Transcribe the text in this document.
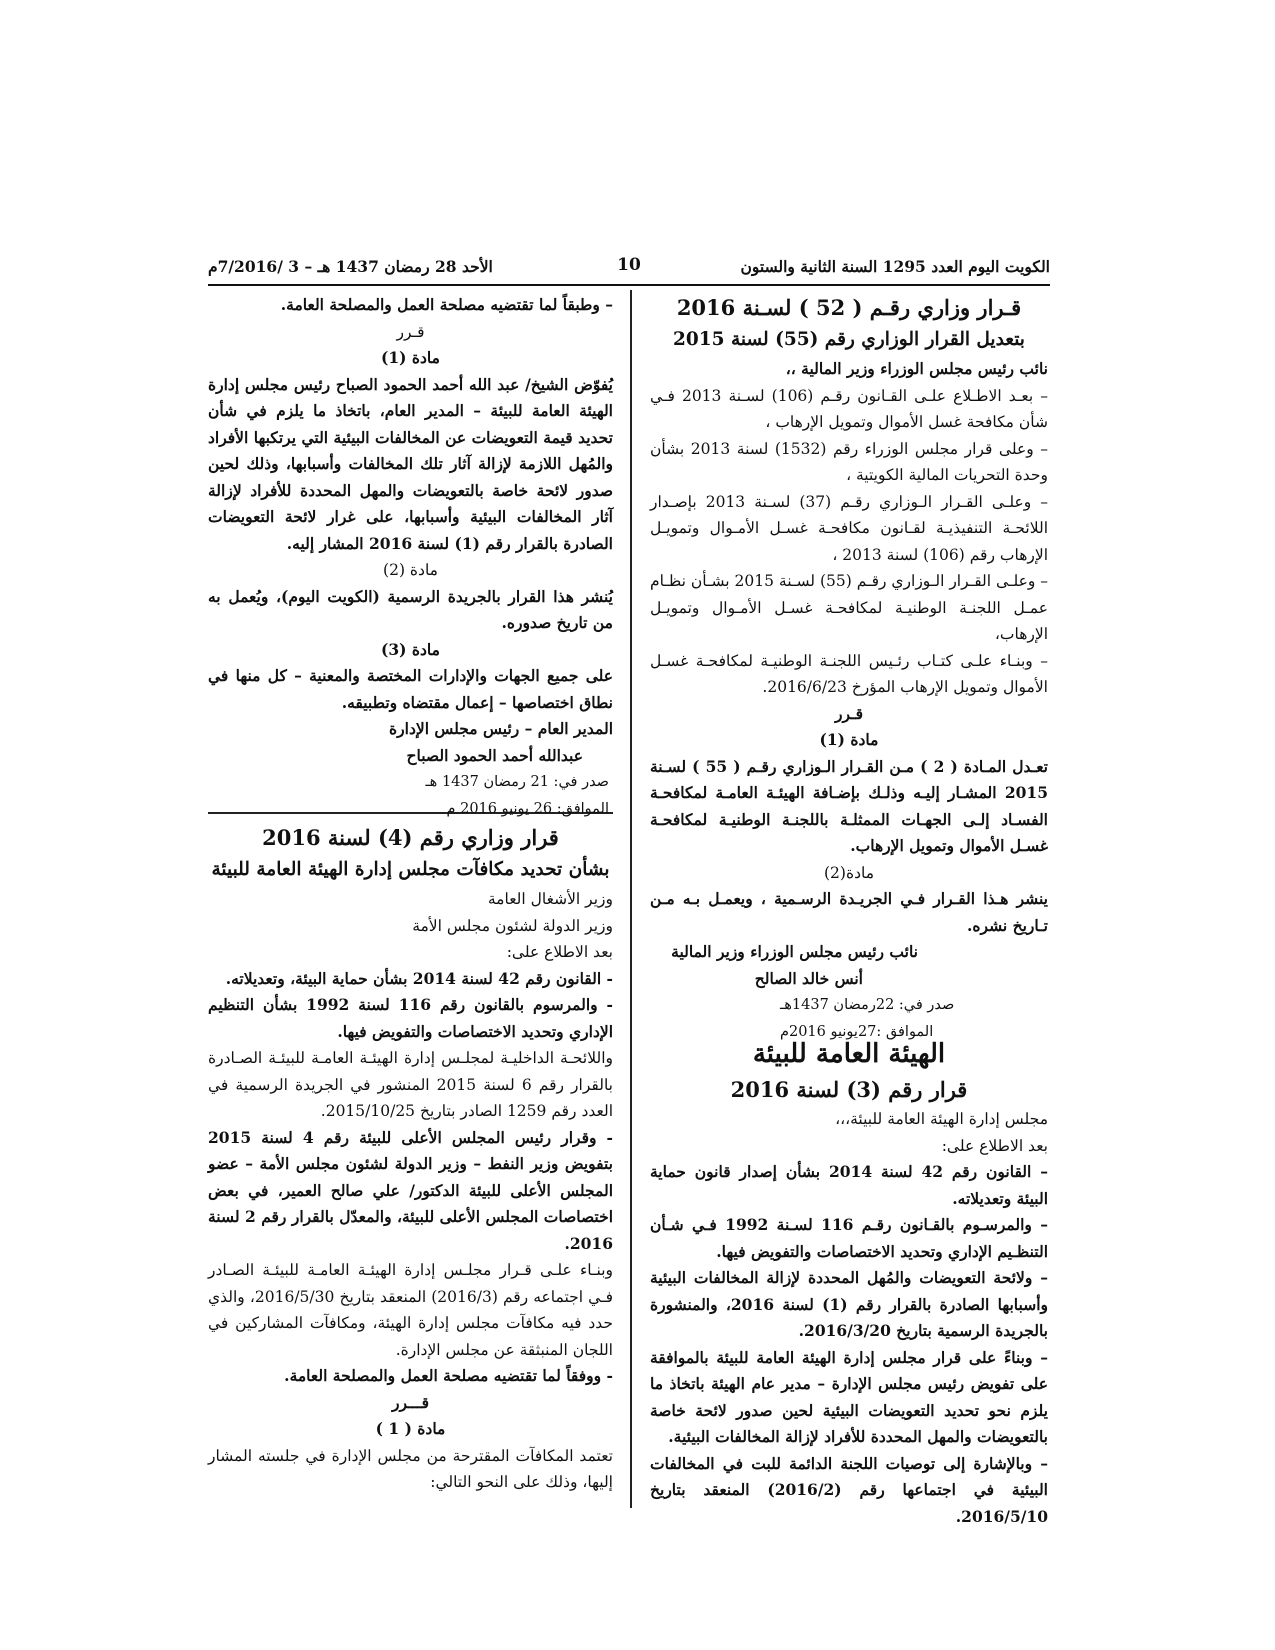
الكويت اليوم العدد 1295 السنة الثانية والستون
10
الأحد 28 رمضان 1437 هـ – 3 /7/2016م

قـرار وزاري رقـم ( 52 ) لسـنة 2016

بتعديل القرار الوزاري رقم (55) لسنة 2015

نائب رئيس مجلس الوزراء وزير المالية ،،

– بعـد الاطـلاع علـى القـانون رقـم (106) لسـنة 2013 فـي شأن مكافحة غسل الأموال وتمويل الإرهاب ،

– وعلى قرار مجلس الوزراء رقم (1532) لسنة 2013 بشأن وحدة التحريات المالية الكويتية ،

– وعلـى القـرار الـوزاري رقـم (37) لسـنة 2013 بإصـدار اللائحـة التنفيذيـة لقـانون مكافحـة غسـل الأمـوال وتمويـل الإرهاب رقم (106) لسنة 2013 ،

– وعلـى القـرار الـوزاري رقـم (55) لسـنة 2015 بشـأن نظـام عمـل اللجنـة الوطنيـة لمكافحـة غسـل الأمـوال وتمويـل الإرهاب،

– وبنـاء علـى كتـاب رئـيس اللجنـة الوطنيـة لمكافحـة غسـل الأموال وتمويل الإرهاب المؤرخ 2016/6/23.

قـرر

مادة (1)

تعـدل المـادة ( 2 ) مـن القـرار الـوزاري رقـم ( 55 ) لسـنة 2015 المشـار إليـه وذلـك بإضـافة الهيئـة العامـة لمكافحـة الفسـاد إلـى الجهـات الممثلـة باللجنـة الوطنيـة لمكافحـة غسـل الأموال وتمويل الإرهاب.

مادة(2)

ينشر هـذا القـرار فـي الجريـدة الرسـمية ، ويعمـل بـه مـن تـاريخ نشره.

نائب رئيس مجلس الوزراء وزير المالية

أنس خالد الصالح

صدر في: 22رمضان 1437هـ

الموافق :27يونيو 2016م

الهيئة العامة للبيئة

قرار رقم (3) لسنة 2016

مجلس إدارة الهيئة العامة للبيئة،،،

بعد الاطلاع على:

– القانون رقم 42 لسنة 2014 بشأن إصدار قانون حماية البيئة وتعديلاته.

– والمرسـوم بالقـانون رقـم 116 لسـنة 1992 فـي شـأن التنظـيم الإداري وتحديد الاختصاصات والتفويض فيها.

– ولائحة التعويضات والمُهل المحددة لإزالة المخالفات البيئية وأسبابها الصادرة بالقرار رقم (1) لسنة 2016، والمنشورة بالجريدة الرسمية بتاريخ 2016/3/20.

– وبناءً على قرار مجلس إدارة الهيئة العامة للبيئة بالموافقة على تفويض رئيس مجلس الإدارة – مدير عام الهيئة باتخاذ ما يلزم نحو تحديد التعويضات البيئية لحين صدور لائحة خاصة بالتعويضات والمهل المحددة للأفراد لإزالة المخالفات البيئية.

– وبالإشارة إلى توصيات اللجنة الدائمة للبت في المخالفات البيئية في اجتماعها رقم (2016/2) المنعقد بتاريخ 2016/5/10.

– وطبقاً لما تقتضيه مصلحة العمل والمصلحة العامة.

قـرر

مادة (1)

يُفوّض الشيخ/ عبد الله أحمد الحمود الصباح رئيس مجلس إدارة الهيئة العامة للبيئة – المدير العام، باتخاذ ما يلزم في شأن تحديد قيمة التعويضات عن المخالفات البيئية التي يرتكبها الأفراد والمُهل اللازمة لإزالة آثار تلك المخالفات وأسبابها، وذلك لحين صدور لائحة خاصة بالتعويضات والمهل المحددة للأفراد لإزالة آثار المخالفات البيئية وأسبابها، على غرار لائحة التعويضات الصادرة بالقرار رقم (1) لسنة 2016 المشار إليه.

مادة (2)

يُنشر هذا القرار بالجريدة الرسمية (الكويت اليوم)، ويُعمل به من تاريخ صدوره.

مادة (3)

على جميع الجهات والإدارات المختصة والمعنية – كل منها في نطاق اختصاصها – إعمال مقتضاه وتطبيقه.

المدير العام – رئيس مجلس الإدارة

عبدالله أحمد الحمود الصباح

صدر في: 21 رمضان 1437 هـ

الموافق: 26 يونيو 2016 م

قرار وزاري رقم (4) لسنة 2016

بشأن تحديد مكافآت مجلس إدارة الهيئة العامة للبيئة

وزير الأشغال العامة

وزير الدولة لشئون مجلس الأمة

بعد الاطلاع على:

- القانون رقم 42 لسنة 2014 بشأن حماية البيئة، وتعديلاته.

- والمرسوم بالقانون رقم 116 لسنة 1992 بشأن التنظيم الإداري وتحديد الاختصاصات والتفويض فيها.

واللائحـة الداخليـة لمجلـس إدارة الهيئـة العامـة للبيئـة الصـادرة بالقرار رقم 6 لسنة 2015 المنشور في الجريدة الرسمية في العدد رقم 1259 الصادر بتاريخ 2015/10/25.

- وقرار رئيس المجلس الأعلى للبيئة رقم 4 لسنة 2015 بتفويض وزير النفط – وزير الدولة لشئون مجلس الأمة – عضو المجلس الأعلى للبيئة الدكتور/ علي صالح العمير، في بعض اختصاصات المجلس الأعلى للبيئة، والمعدّل بالقرار رقم 2 لسنة 2016.

وبنـاء علـى قـرار مجلـس إدارة الهيئـة العامـة للبيئـة الصـادر فـي اجتماعه رقم (2016/3) المنعقد بتاريخ 2016/5/30، والذي حدد فيه مكافآت مجلس إدارة الهيئة، ومكافآت المشاركين في اللجان المنبثقة عن مجلس الإدارة.

- ووفقاً لما تقتضيه مصلحة العمل والمصلحة العامة.

قـــرر

مادة ( 1 )

تعتمد المكافآت المقترحة من مجلس الإدارة في جلسته المشار إليها، وذلك على النحو التالي:
